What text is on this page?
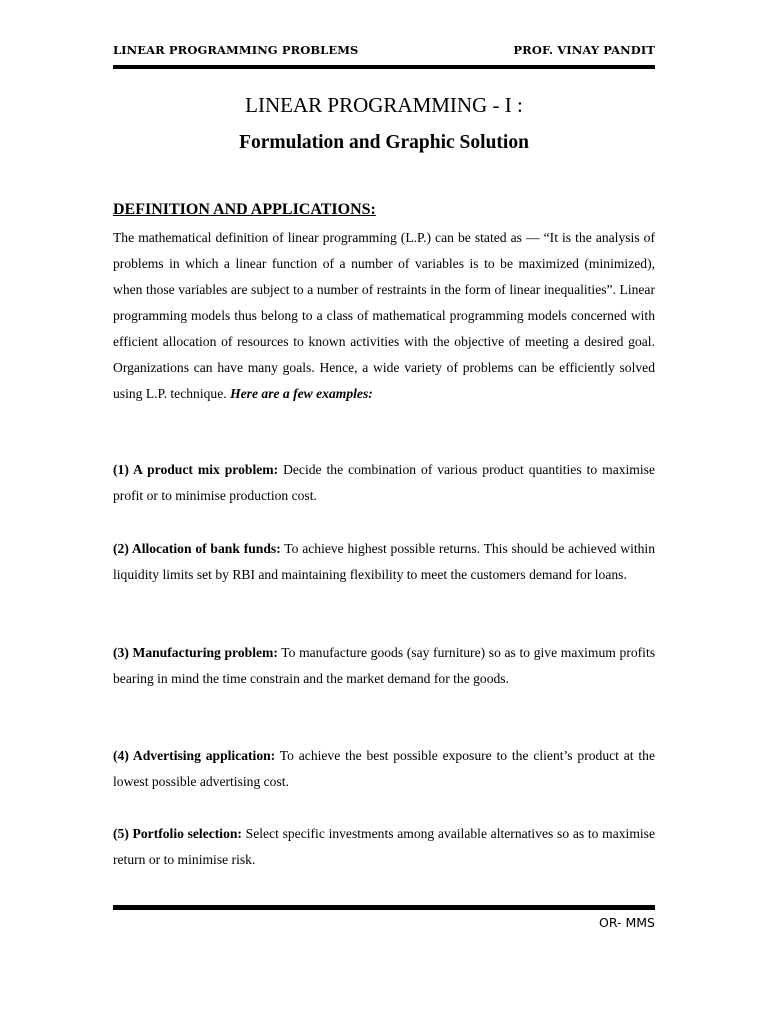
LINEAR PROGRAMMING PROBLEMS	PROF. VINAY PANDIT
LINEAR PROGRAMMING - I :
Formulation and Graphic Solution
DEFINITION AND APPLICATIONS:

The mathematical definition of linear programming (L.P.) can be stated as — “It is the analysis of problems in which a linear function of a number of variables is to be maximized (minimized), when those variables are subject to a number of restraints in the form of linear inequalities”. Linear programming models thus belong to a class of mathematical programming models concerned with efficient allocation of resources to known activities with the objective of meeting a desired goal. Organizations can have many goals. Hence, a wide variety of problems can be efficiently solved using L.P. technique. Here are a few examples:

(1) A product mix problem: Decide the combination of various product quantities to maximise profit or to minimise production cost.

(2) Allocation of bank funds: To achieve highest possible returns. This should be achieved within liquidity limits set by RBI and maintaining flexibility to meet the customers demand for loans.

(3) Manufacturing problem: To manufacture goods (say furniture) so as to give maximum profits bearing in mind the time constrain and the market demand for the goods.

(4) Advertising application: To achieve the best possible exposure to the client’s product at the lowest possible advertising cost.

(5) Portfolio selection: Select specific investments among available alternatives so as to maximise return or to minimise risk.

OR- MMS
